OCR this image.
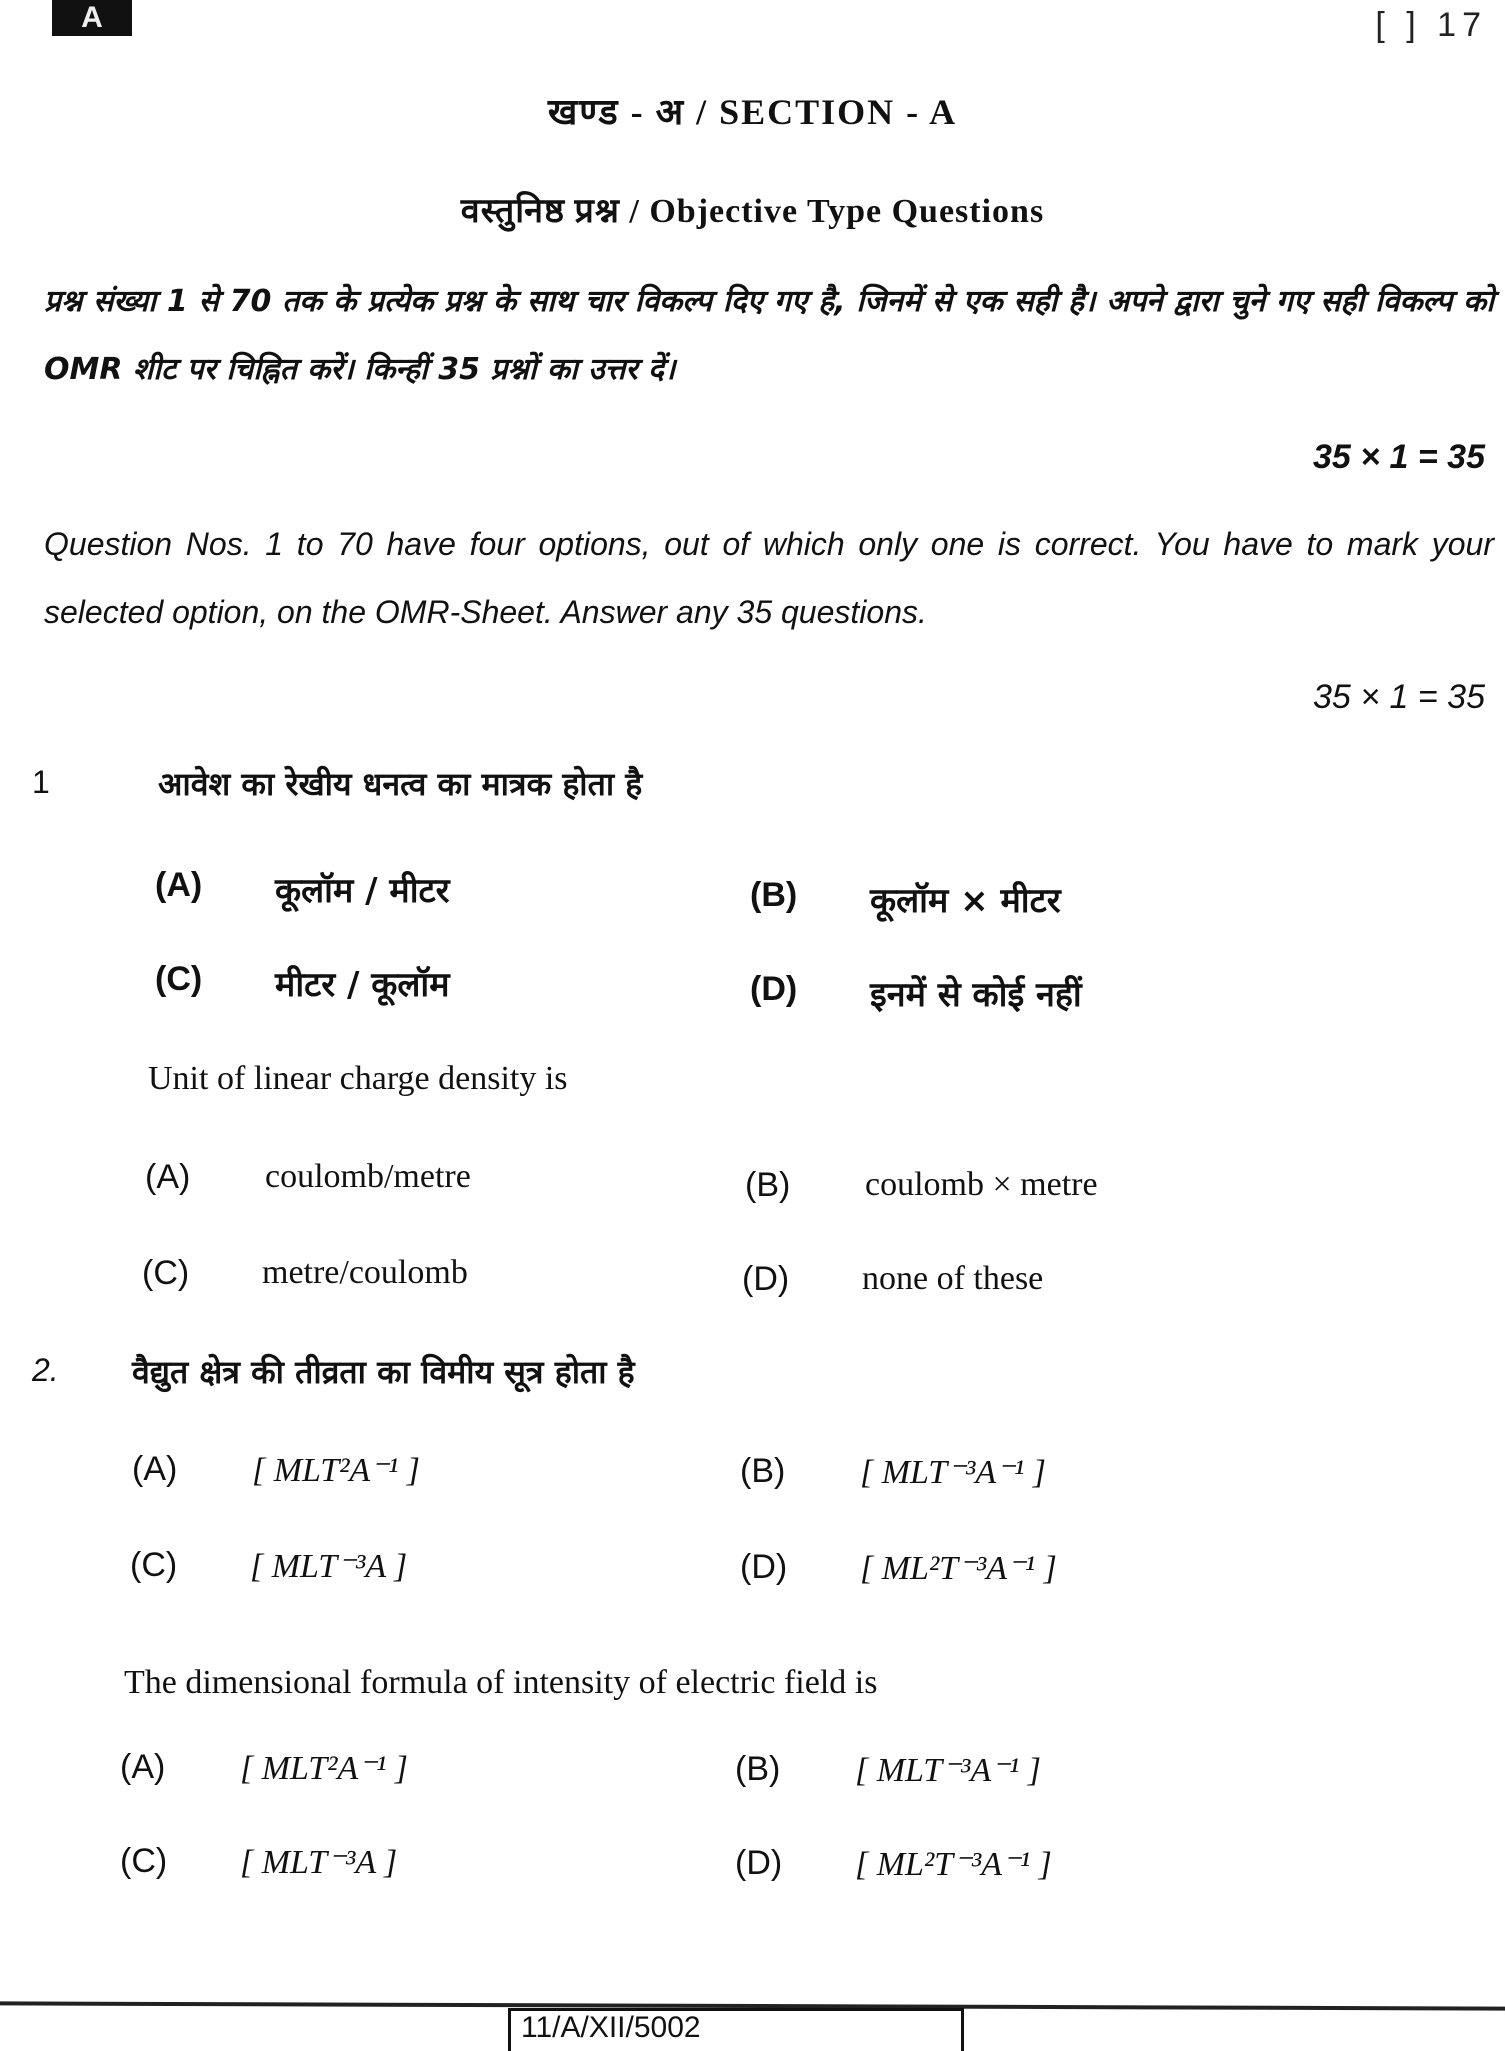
A	[ ] 17
खण्ड - अ / SECTION - A
वस्तुनिष्ठ प्रश्न / Objective Type Questions
प्रश्न संख्या 1 से 70 तक के प्रत्येक प्रश्न के साथ चार विकल्प दिए गए है, जिनमें से एक सही है। अपने द्वारा चुने गए सही विकल्प को OMR शीट पर चिह्नित करें। किन्हीं 35 प्रश्नों का उत्तर दें।
35 × 1 = 35
Question Nos. 1 to 70 have four options, out of which only one is correct. You have to mark your selected option, on the OMR-Sheet. Answer any 35 questions.
35 × 1 = 35
1	आवेश का रेखीय धनत्व का मात्रक होता है
(A)	कूलॉम / मीटर	(B)	कूलॉम × मीटर
(C)	मीटर / कूलॉम	(D)	इनमें से कोई नहीं
Unit of linear charge density is
(A)	coulomb/metre	(B)	coulomb × metre
(C)	metre/coulomb	(D)	none of these
2. वैद्युत क्षेत्र की तीव्रता का विमीय सूत्र होता है
(A)	[ MLT²A⁻¹ ]	(B)	[ MLT⁻³A⁻¹ ]
(C)	[ MLT⁻³A ]	(D)	[ ML²T⁻³A⁻¹ ]
The dimensional formula of intensity of electric field is
(A)	[ MLT²A⁻¹ ]	(B)	[ MLT⁻³A⁻¹ ]
(C)	[ MLT⁻³A ]	(D)	[ ML²T⁻³A⁻¹ ]
11/A/XII/5002
